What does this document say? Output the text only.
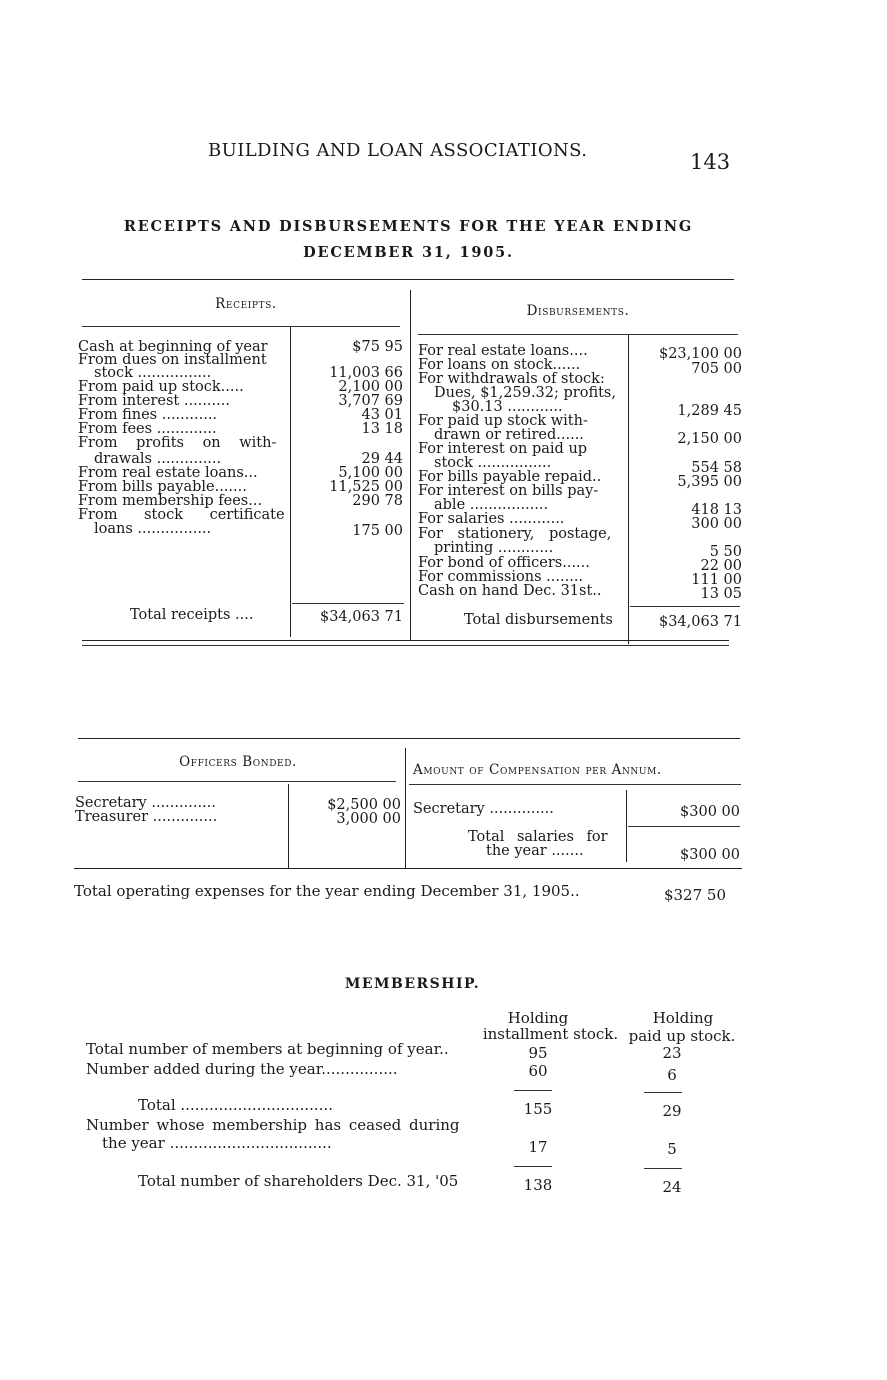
BUILDING AND LOAN ASSOCIATIONS.	143
RECEIPTS AND DISBURSEMENTS FOR THE YEAR ENDING
DECEMBER 31, 1905.
Receipts.	Disbursements.
Cash at beginning of year	$75 95
From dues on installment
stock ................	11,003 66
From paid up stock.....	2,100 00
From interest ..........	3,707 69
From fines ............	43 01
From fees .............	13 18
From profits on with-
drawals ..............	29 44
From real estate loans...	5,100 00
From bills payable.......	11,525 00
From membership fees...	290 78
From stock certificate
loans ................	175 00
Total receipts ....	$34,063 71
For real estate loans....	$23,100 00
For loans on stock......	705 00
For withdrawals of stock:
Dues, $1,259.32; profits,
$30.13 ............	1,289 45
For paid up stock with-
drawn or retired......	2,150 00
For interest on paid up
stock ................	554 58
For bills payable repaid..	5,395 00
For interest on bills pay-
able .................	418 13
For salaries ............	300 00
For stationery, postage,
printing ............	5 50
For bond of officers......	22 00
For commissions ........	111 00
Cash on hand Dec. 31st..	13 05
Total disbursements	$34,063 71
Officers Bonded.	Amount of Compensation per Annum.
Secretary ..............	$2,500 00
Treasurer ..............	3,000 00
Secretary ..............	$300 00
Total salaries for
the year .......	$300 00
Total operating expenses for the year ending December 31, 1905..	$327 50
MEMBERSHIP.
Holding
installment stock.
Holding
paid up stock.
Total number of members at beginning of year..	95	23
Number added during the year................	60	6
Total ................................	155	29
Number whose membership has ceased during
the year ..................................	17	5
Total number of shareholders Dec. 31, '05	138	24
